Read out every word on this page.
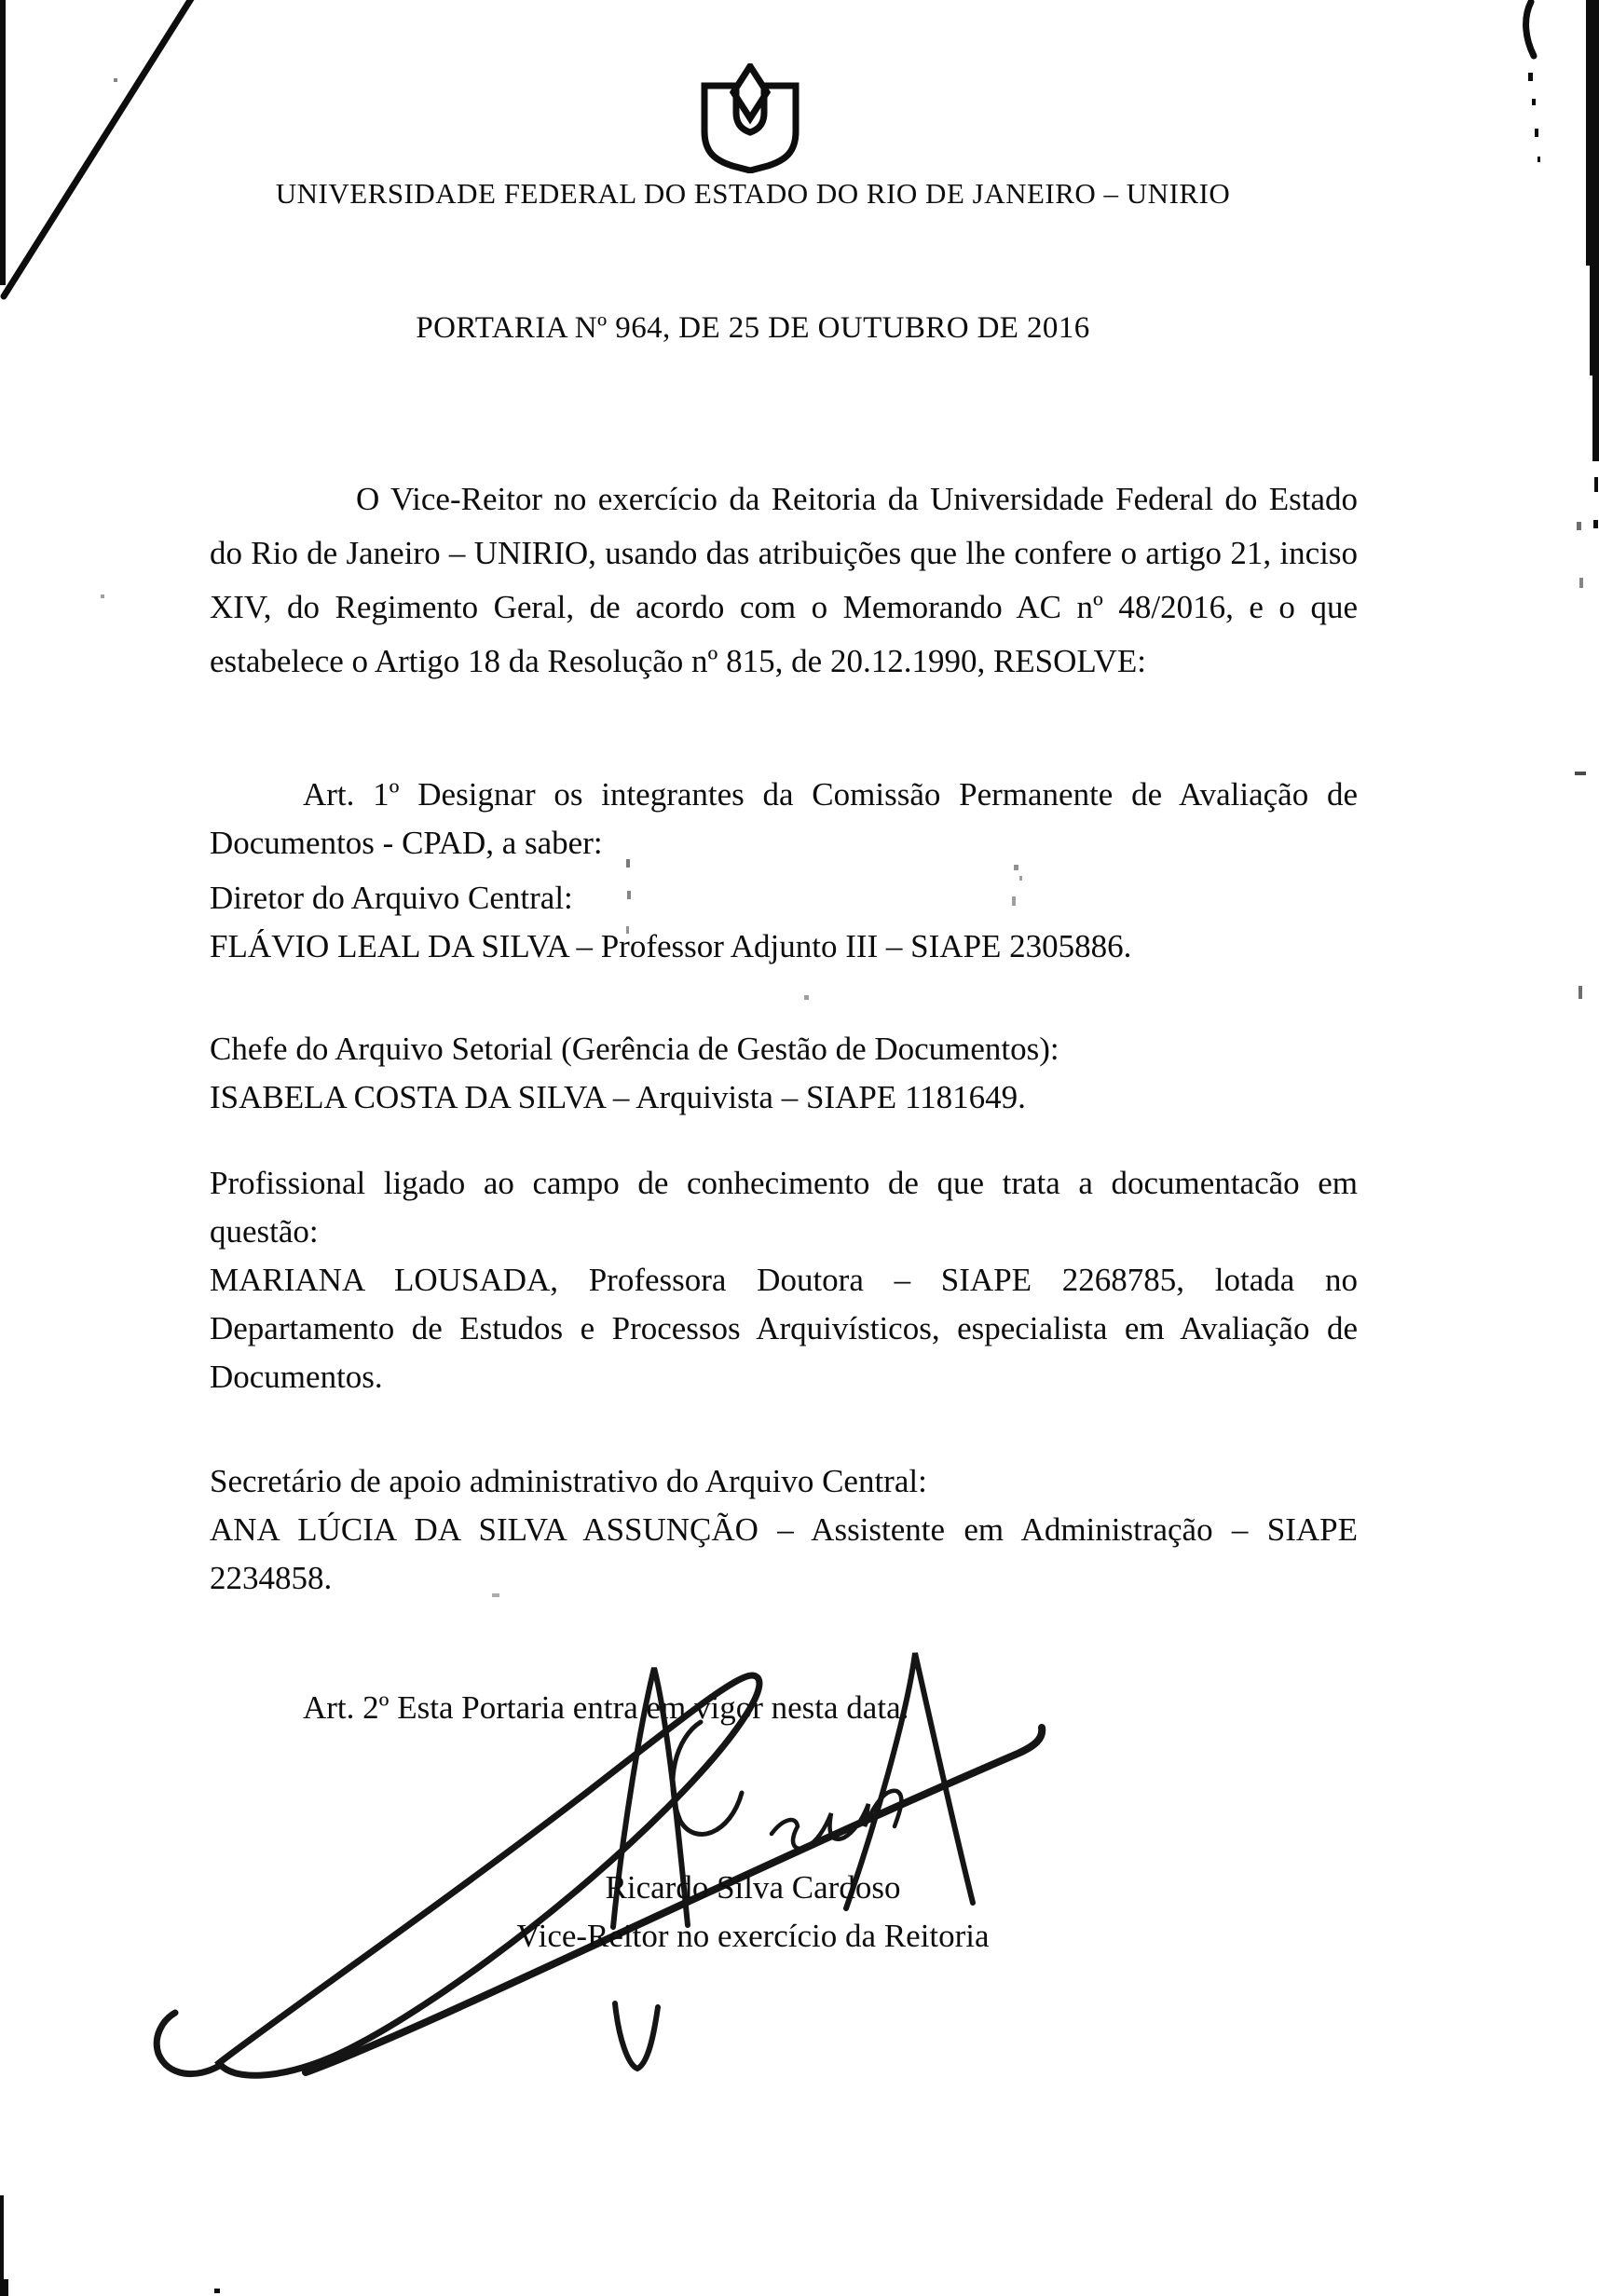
UNIVERSIDADE FEDERAL DO ESTADO DO RIO DE JANEIRO – UNIRIO
PORTARIA Nº 964, DE 25 DE OUTUBRO DE 2016

O Vice-Reitor no exercício da Reitoria da Universidade Federal do Estado do Rio de Janeiro – UNIRIO, usando das atribuições que lhe confere o artigo 21, inciso XIV, do Regimento Geral, de acordo com o Memorando AC nº 48/2016, e o que estabelece o Artigo 18 da Resolução nº 815, de 20.12.1990, RESOLVE:

Art. 1º Designar os integrantes da Comissão Permanente de Avaliação de Documentos - CPAD, a saber:

Diretor do Arquivo Central:
FLÁVIO LEAL DA SILVA – Professor Adjunto III – SIAPE 2305886.
Chefe do Arquivo Setorial (Gerência de Gestão de Documentos):
ISABELA COSTA DA SILVA – Arquivista – SIAPE 1181649.
Profissional ligado ao campo de conhecimento de que trata a documentacão em questão:
MARIANA LOUSADA, Professora Doutora – SIAPE 2268785, lotada no Departamento de Estudos e Processos Arquivísticos, especialista em Avaliação de Documentos.
Secretário de apoio administrativo do Arquivo Central:
ANA LÚCIA DA SILVA ASSUNÇÃO – Assistente em Administração – SIAPE 2234858.

Art. 2º Esta Portaria entra em vigor nesta data.

Ricardo Silva Cardoso
Vice-Reitor no exercício da Reitoria
